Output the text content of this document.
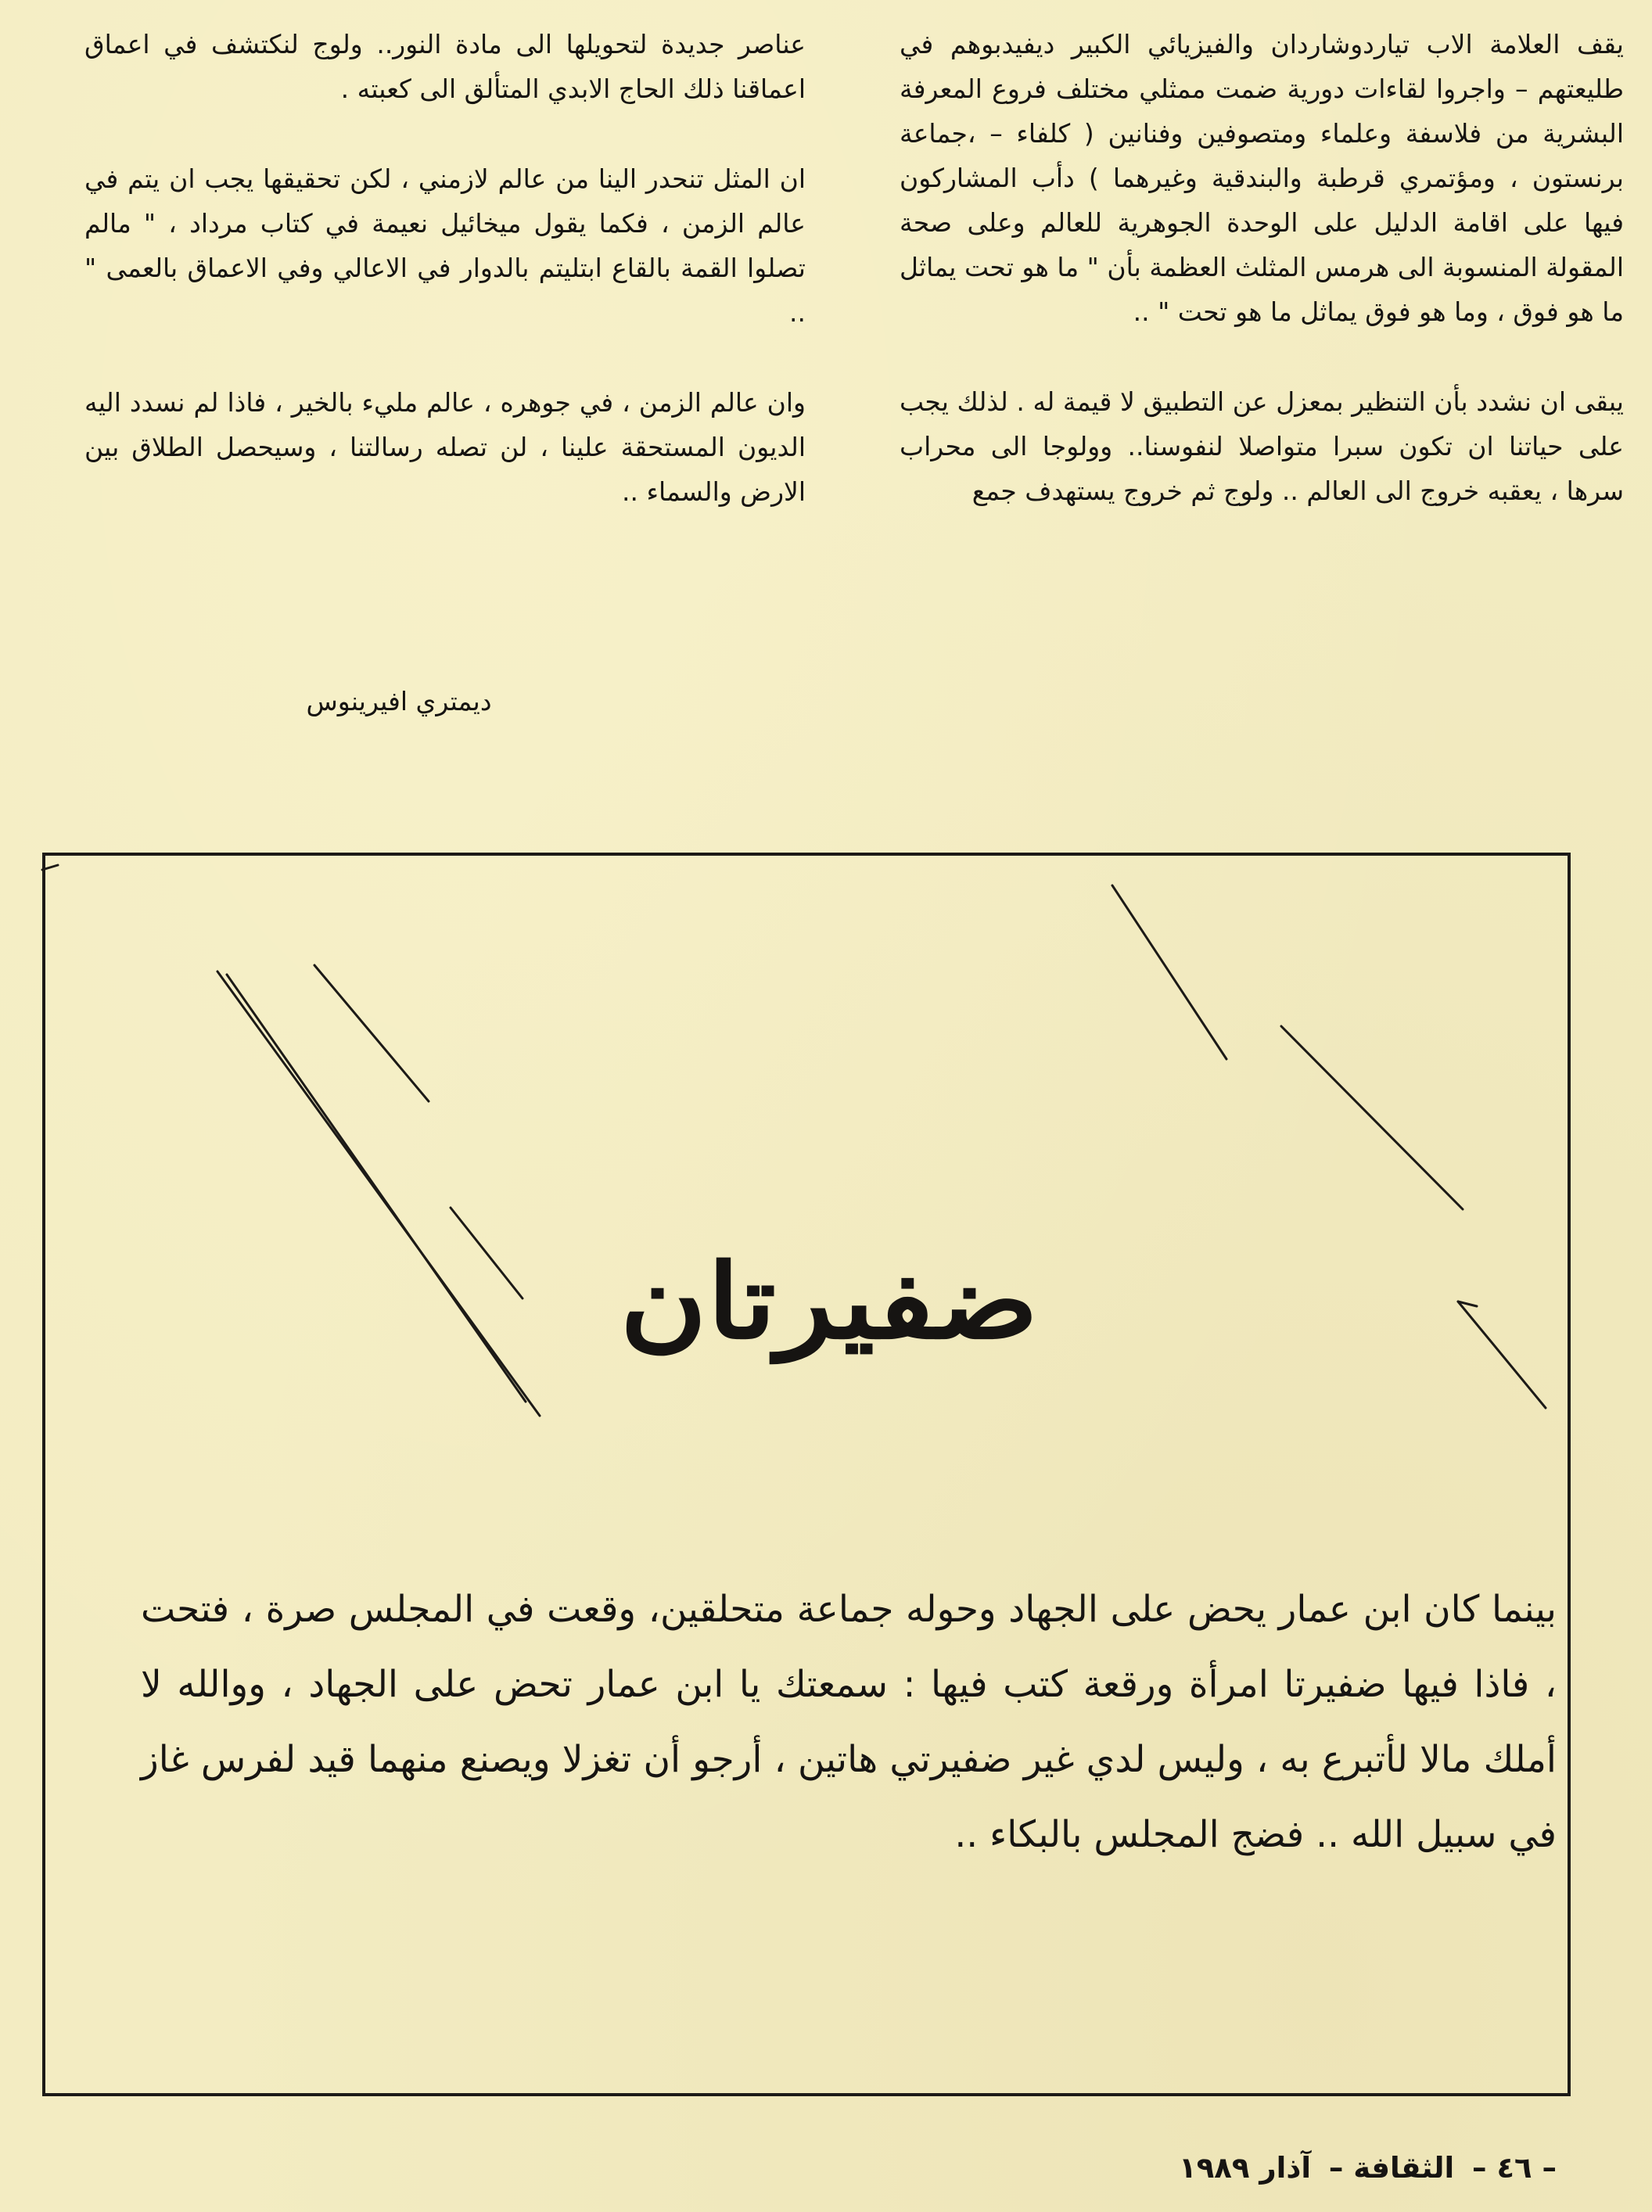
يقف العلامة الاب تياردوشاردان والفيزيائي الكبير ديفيدبوهم في طليعتهم – واجروا لقاءات دورية ضمت ممثلي مختلف فروع المعرفة البشرية من فلاسفة وعلماء ومتصوفين وفنانين ( كلفاء – ،جماعة برنستون ، ومؤتمري قرطبة والبندقية وغيرهما ) دأب المشاركون فيها على اقامة الدليل على الوحدة الجوهرية للعالم وعلى صحة المقولة المنسوبة الى هرمس المثلث العظمة بأن " ما هو تحت يماثل ما هو فوق ، وما هو فوق يماثل ما هو تحت " ..

يبقى ان نشدد بأن التنظير بمعزل عن التطبيق لا قيمة له . لذلك يجب على حياتنا ان تكون سبرا متواصلا لنفوسنا.. وولوجا الى محراب سرها ، يعقبه خروج الى العالم .. ولوج ثم خروج يستهدف جمع

عناصر جديدة لتحويلها الى مادة النور.. ولوج لنكتشف في اعماق اعماقنا ذلك الحاج الابدي المتألق الى كعبته .

ان المثل تنحدر الينا من عالم لازمني ، لكن تحقيقها يجب ان يتم في عالم الزمن ، فكما يقول ميخائيل نعيمة في كتاب مرداد ، " مالم تصلوا القمة بالقاع ابتليتم بالدوار في الاعالي وفي الاعماق بالعمى " ..

وان عالم الزمن ، في جوهره ، عالم مليء بالخير ، فاذا لم نسدد اليه الديون المستحقة علينا ، لن تصله رسالتنا ، وسيحصل الطلاق بين الارض والسماء ..

ديمتري افيرينوس
ضفيرتان
بينما كان ابن عمار يحض على الجهاد وحوله جماعة متحلقين، وقعت في المجلس صرة ، فتحت ، فاذا فيها ضفيرتا امرأة ورقعة كتب فيها : سمعتك يا ابن عمار تحض على الجهاد ، ووالله لا أملك مالا لأتبرع به ، وليس لدي غير ضفيرتي هاتين ، أرجو أن تغزلا ويصنع منهما قيد لفرس غاز في سبيل الله .. فضج المجلس بالبكاء ..
– ٤٦ – الثقافة – آذار ١٩٨٩
